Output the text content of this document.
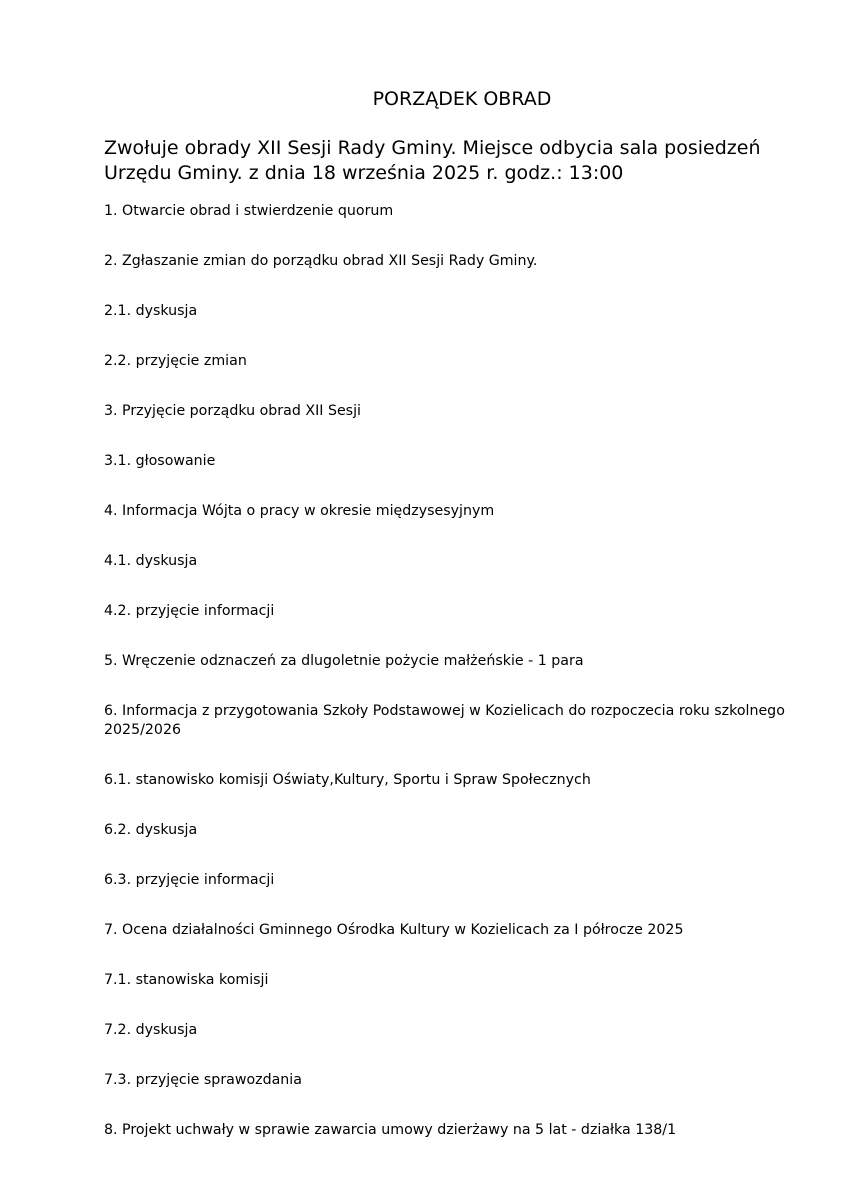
PORZĄDEK OBRAD

Zwołuje obrady XII Sesji Rady Gminy. Miejsce odbycia sala posiedzeń Urzędu Gminy. z dnia 18 września 2025 r. godz.: 13:00

1. Otwarcie obrad i stwierdzenie quorum
2. Zgłaszanie zmian do porządku obrad XII Sesji Rady Gminy.
2.1. dyskusja
2.2. przyjęcie zmian
3. Przyjęcie porządku obrad XII Sesji
3.1. głosowanie
4. Informacja Wójta o pracy w okresie międzysesyjnym
4.1. dyskusja
4.2. przyjęcie informacji
5. Wręczenie odznaczeń za dlugoletnie pożycie małżeńskie - 1 para
6. Informacja z przygotowania Szkoły Podstawowej w Kozielicach do rozpoczecia roku szkolnego 2025/2026
6.1. stanowisko komisji Oświaty,Kultury, Sportu i Spraw Społecznych
6.2. dyskusja
6.3. przyjęcie informacji
7. Ocena działalności Gminnego Ośrodka Kultury w Kozielicach za I półrocze 2025
7.1. stanowiska komisji
7.2. dyskusja
7.3. przyjęcie sprawozdania
8. Projekt uchwały w sprawie zawarcia umowy dzierżawy na 5 lat - działka 138/1
